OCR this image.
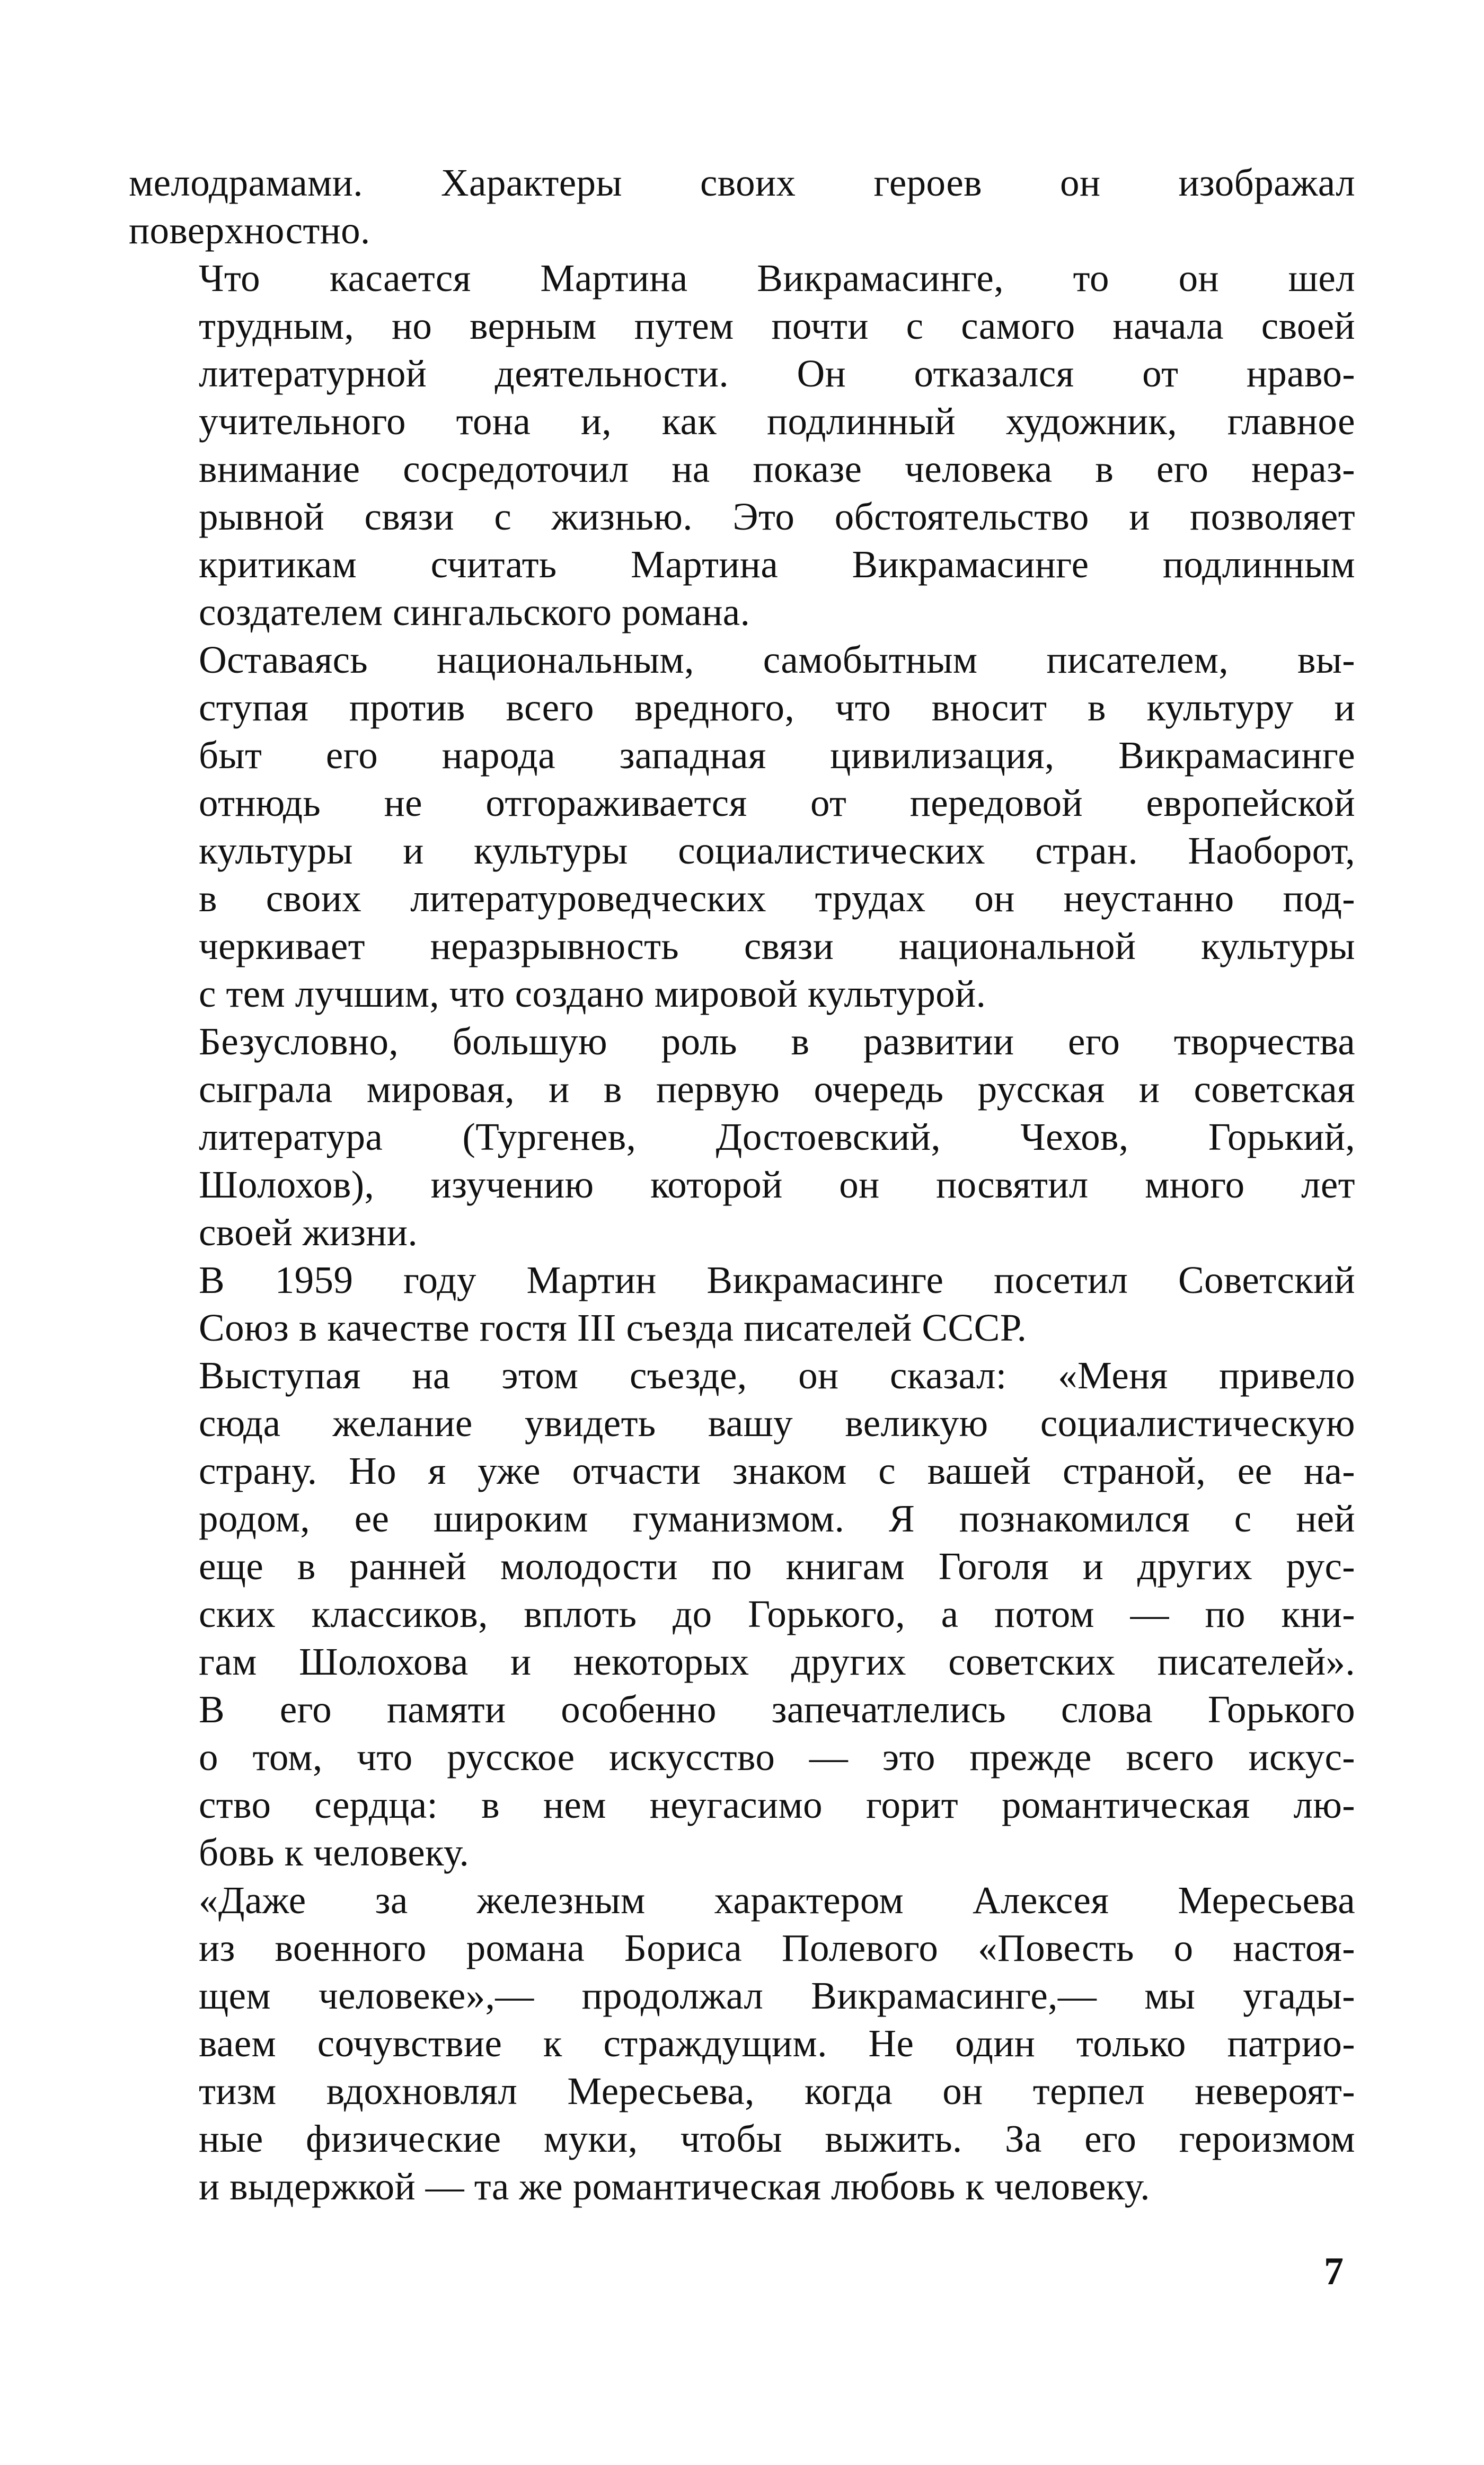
мелодрамами. Характеры своих героев он изображал
поверхностно.

Что касается Мартина Викрамасинге, то он шел
трудным, но верным путем почти с самого начала своей
литературной деятельности. Он отказался от нраво-
учительного тона и, как подлинный художник, главное
внимание сосредоточил на показе человека в его нераз-
рывной связи с жизнью. Это обстоятельство и позволяет
критикам считать Мартина Викрамасинге подлинным
создателем сингальского романа.

Оставаясь национальным, самобытным писателем, вы-
ступая против всего вредного, что вносит в культуру и
быт его народа западная цивилизация, Викрамасинге
отнюдь не отгораживается от передовой европейской
культуры и культуры социалистических стран. Наоборот,
в своих литературоведческих трудах он неустанно под-
черкивает неразрывность связи национальной культуры
с тем лучшим, что создано мировой культурой.

Безусловно, большую роль в развитии его творчества
сыграла мировая, и в первую очередь русская и советская
литература (Тургенев, Достоевский, Чехов, Горький,
Шолохов), изучению которой он посвятил много лет
своей жизни.

В 1959 году Мартин Викрамасинге посетил Советский
Союз в качестве гостя III съезда писателей СССР.

Выступая на этом съезде, он сказал: «Меня привело
сюда желание увидеть вашу великую социалистическую
страну. Но я уже отчасти знаком с вашей страной, ее на-
родом, ее широким гуманизмом. Я познакомился с ней
еще в ранней молодости по книгам Гоголя и других рус-
ских классиков, вплоть до Горького, а потом — по кни-
гам Шолохова и некоторых других советских писателей».
В его памяти особенно запечатлелись слова Горького
о том, что русское искусство — это прежде всего искус-
ство сердца: в нем неугасимо горит романтическая лю-
бовь к человеку.

«Даже за железным характером Алексея Мересьева
из военного романа Бориса Полевого «Повесть о настоя-
щем человеке»,— продолжал Викрамасинге,— мы угады-
ваем сочувствие к страждущим. Не один только патрио-
тизм вдохновлял Мересьева, когда он терпел невероят-
ные физические муки, чтобы выжить. За его героизмом
и выдержкой — та же романтическая любовь к человеку.

7
